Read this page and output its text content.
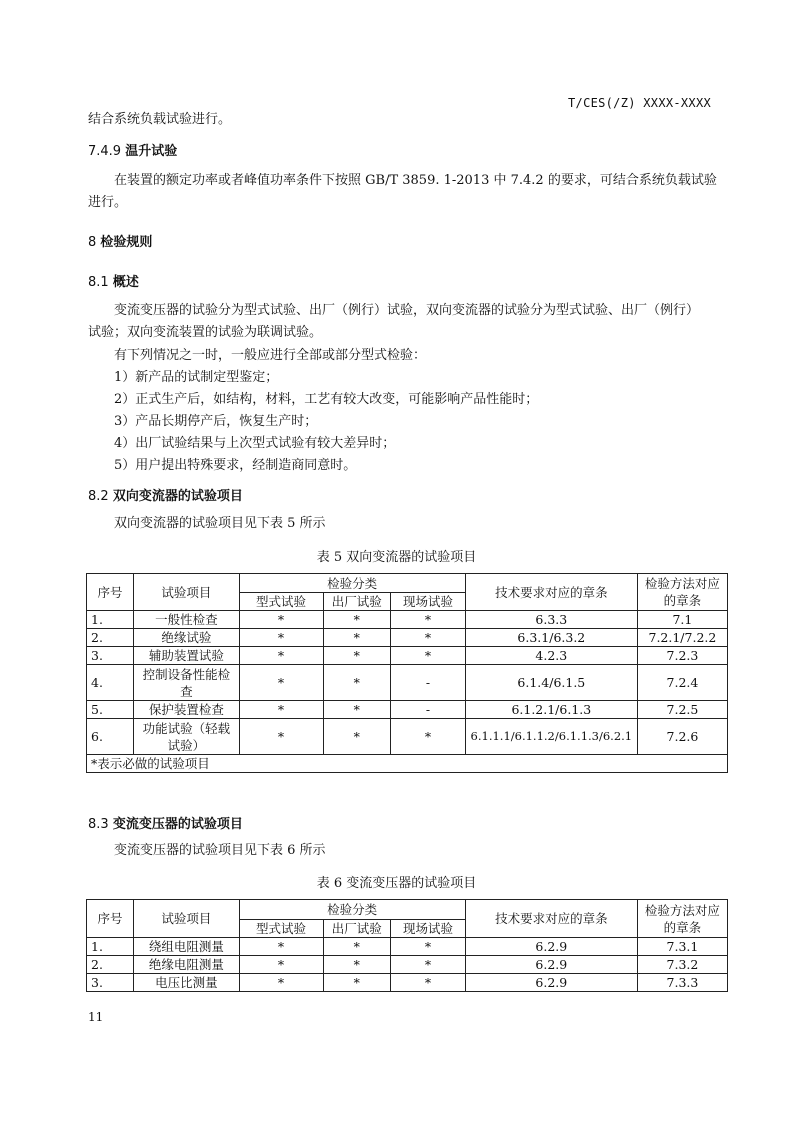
T/CES(/Z) XXXX-XXXX
结合系统负载试验进行。
7.4.9 温升试验
在装置的额定功率或者峰值功率条件下按照 GB/T 3859. 1-2013 中 7.4.2 的要求，可结合系统负载试验
进行。
8 检验规则
8.1 概述
变流变压器的试验分为型式试验、出厂（例行）试验，双向变流器的试验分为型式试验、出厂（例行）
试验；双向变流装置的试验为联调试验。
有下列情况之一时，一般应进行全部或部分型式检验：
1）新产品的试制定型鉴定；
2）正式生产后，如结构，材料，工艺有较大改变，可能影响产品性能时；
3）产品长期停产后，恢复生产时；
4）出厂试验结果与上次型式试验有较大差异时；
5）用户提出特殊要求，经制造商同意时。
8.2 双向变流器的试验项目
双向变流器的试验项目见下表 5 所示
表 5 双向变流器的试验项目
序号	试验项目	检验分类			技术要求对应的章条	检验方法对应的章条
		型式试验	出厂试验	现场试验		
1.	一般性检查	*	*	*	6.3.3	7.1
2.	绝缘试验	*	*	*	6.3.1/6.3.2	7.2.1/7.2.2
3.	辅助装置试验	*	*	*	4.2.3	7.2.3
4.	控制设备性能检查	*	*	-	6.1.4/6.1.5	7.2.4
5.	保护装置检查	*	*	-	6.1.2.1/6.1.3	7.2.5
6.	功能试验（轻载试验）	*	*	*	6.1.1.1/6.1.1.2/6.1.1.3/6.2.1	7.2.6
*表示必做的试验项目						
8.3 变流变压器的试验项目
变流变压器的试验项目见下表 6 所示
表 6 变流变压器的试验项目
序号	试验项目	检验分类			技术要求对应的章条	检验方法对应的章条
		型式试验	出厂试验	现场试验		
1.	绕组电阻测量	*	*	*	6.2.9	7.3.1
2.	绝缘电阻测量	*	*	*	6.2.9	7.3.2
3.	电压比测量	*	*	*	6.2.9	7.3.3
11
